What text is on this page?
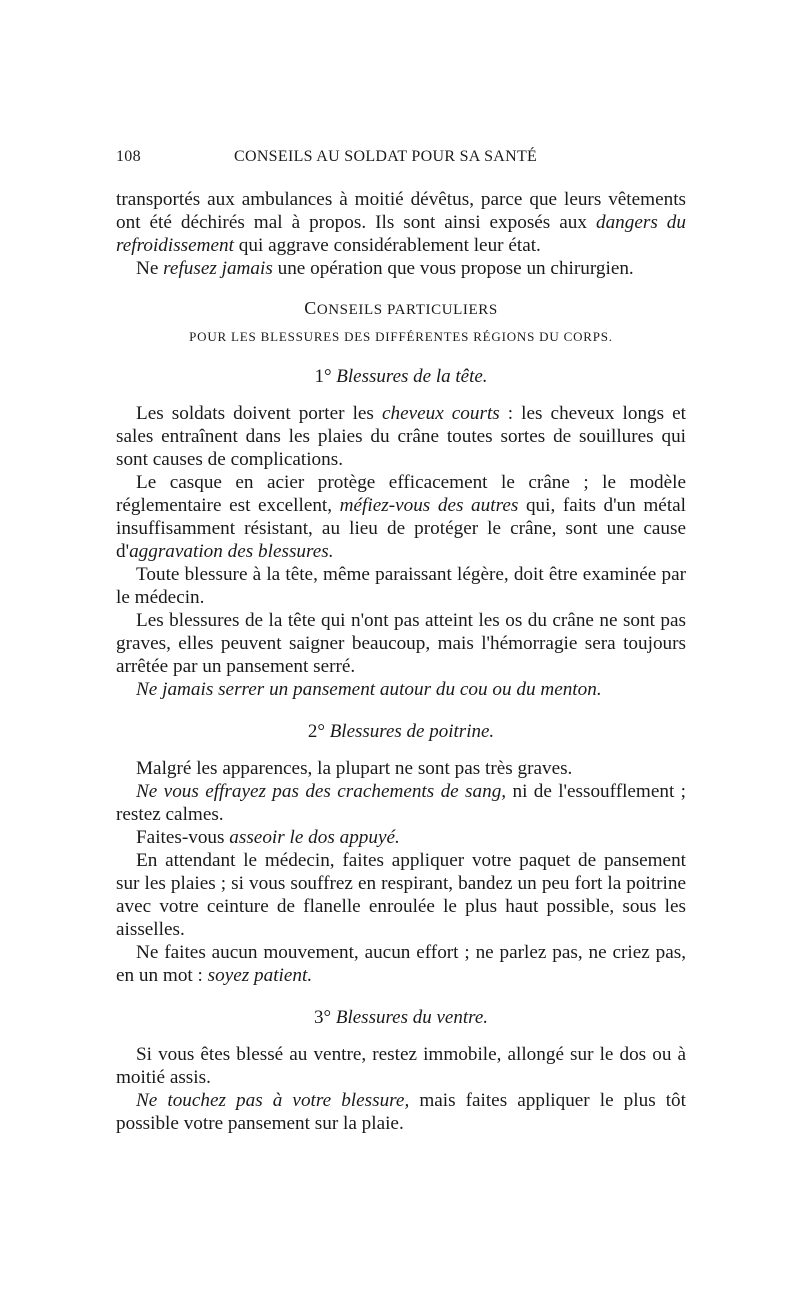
108	CONSEILS AU SOLDAT POUR SA SANTÉ

transportés aux ambulances à moitié dévêtus, parce que leurs vêtements ont été déchirés mal à propos. Ils sont ainsi exposés aux dangers du refroidissement qui aggrave considérablement leur état.

Ne refusez jamais une opération que vous propose un chirurgien.

CONSEILS PARTICULIERS
POUR LES BLESSURES DES DIFFÉRENTES RÉGIONS DU CORPS.
1° Blessures de la tête.

Les soldats doivent porter les cheveux courts : les cheveux longs et sales entraînent dans les plaies du crâne toutes sortes de souillures qui sont causes de complications.

Le casque en acier protège efficacement le crâne ; le modèle réglementaire est excellent, méfiez-vous des autres qui, faits d'un métal insuffisamment résistant, au lieu de protéger le crâne, sont une cause d'aggravation des blessures.

Toute blessure à la tête, même paraissant légère, doit être examinée par le médecin.

Les blessures de la tête qui n'ont pas atteint les os du crâne ne sont pas graves, elles peuvent saigner beaucoup, mais l'hémorragie sera toujours arrêtée par un pansement serré.

Ne jamais serrer un pansement autour du cou ou du menton.

2° Blessures de poitrine.

Malgré les apparences, la plupart ne sont pas très graves.

Ne vous effrayez pas des crachements de sang, ni de l'essoufflement ; restez calmes.

Faites-vous asseoir le dos appuyé.

En attendant le médecin, faites appliquer votre paquet de pansement sur les plaies ; si vous souffrez en respirant, bandez un peu fort la poitrine avec votre ceinture de flanelle enroulée le plus haut possible, sous les aisselles.

Ne faites aucun mouvement, aucun effort ; ne parlez pas, ne criez pas, en un mot : soyez patient.

3° Blessures du ventre.

Si vous êtes blessé au ventre, restez immobile, allongé sur le dos ou à moitié assis.

Ne touchez pas à votre blessure, mais faites appliquer le plus tôt possible votre pansement sur la plaie.
